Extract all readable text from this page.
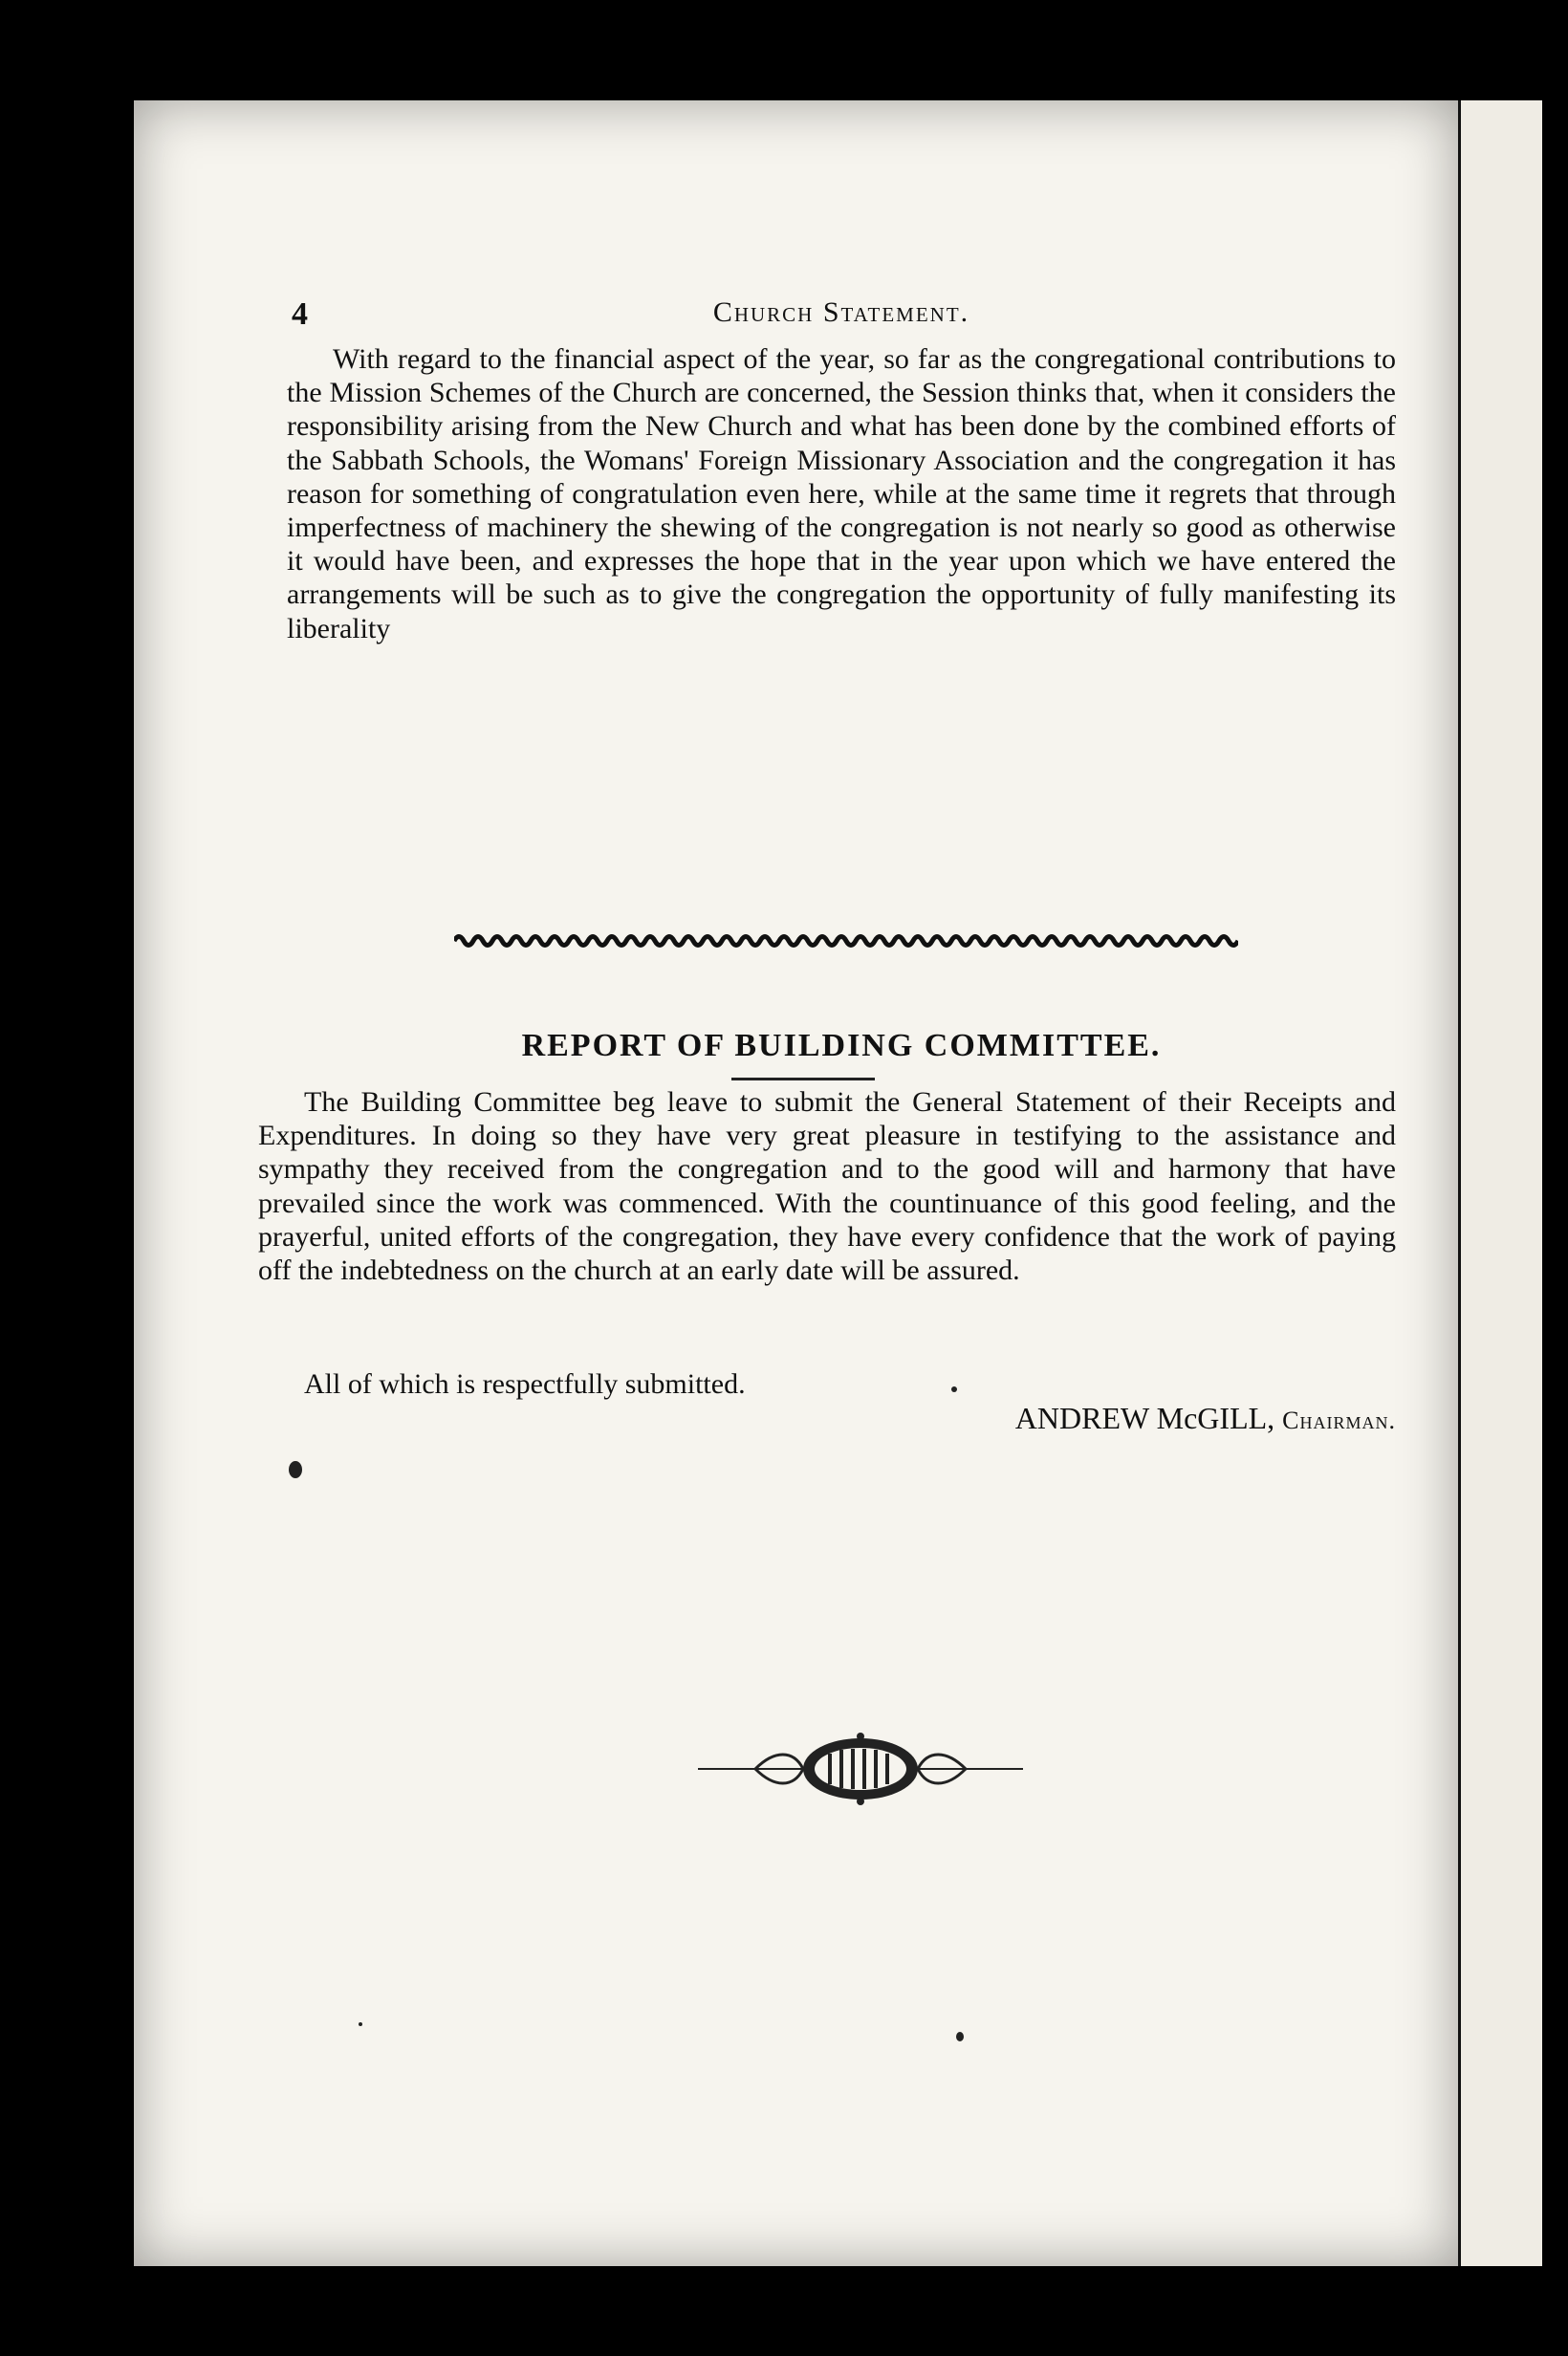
4	Church Statement.
With regard to the financial aspect of the year, so far as the congregational contributions to the Mission Schemes of the Church are concerned, the Session thinks that, when it considers the responsibility arising from the New Church and what has been done by the combined efforts of the Sabbath Schools, the Womans' Foreign Missionary Association and the congregation it has reason for something of congratulation even here, while at the same time it regrets that through imperfectness of machinery the shewing of the congregation is not nearly so good as otherwise it would have been, and expresses the hope that in the year upon which we have entered the arrangements will be such as to give the congregation the opportunity of fully manifesting its liberality
REPORT OF BUILDING COMMITTEE.
The Building Committee beg leave to submit the General Statement of their Receipts and Expenditures. In doing so they have very great pleasure in testifying to the assistance and sympathy they received from the congregation and to the good will and harmony that have prevailed since the work was commenced. With the countinuance of this good feeling, and the prayerful, united efforts of the congregation, they have every confidence that the work of paying off the indebtedness on the church at an early date will be assured.
All of which is respectfully submitted.
ANDREW McGILL, Chairman.
